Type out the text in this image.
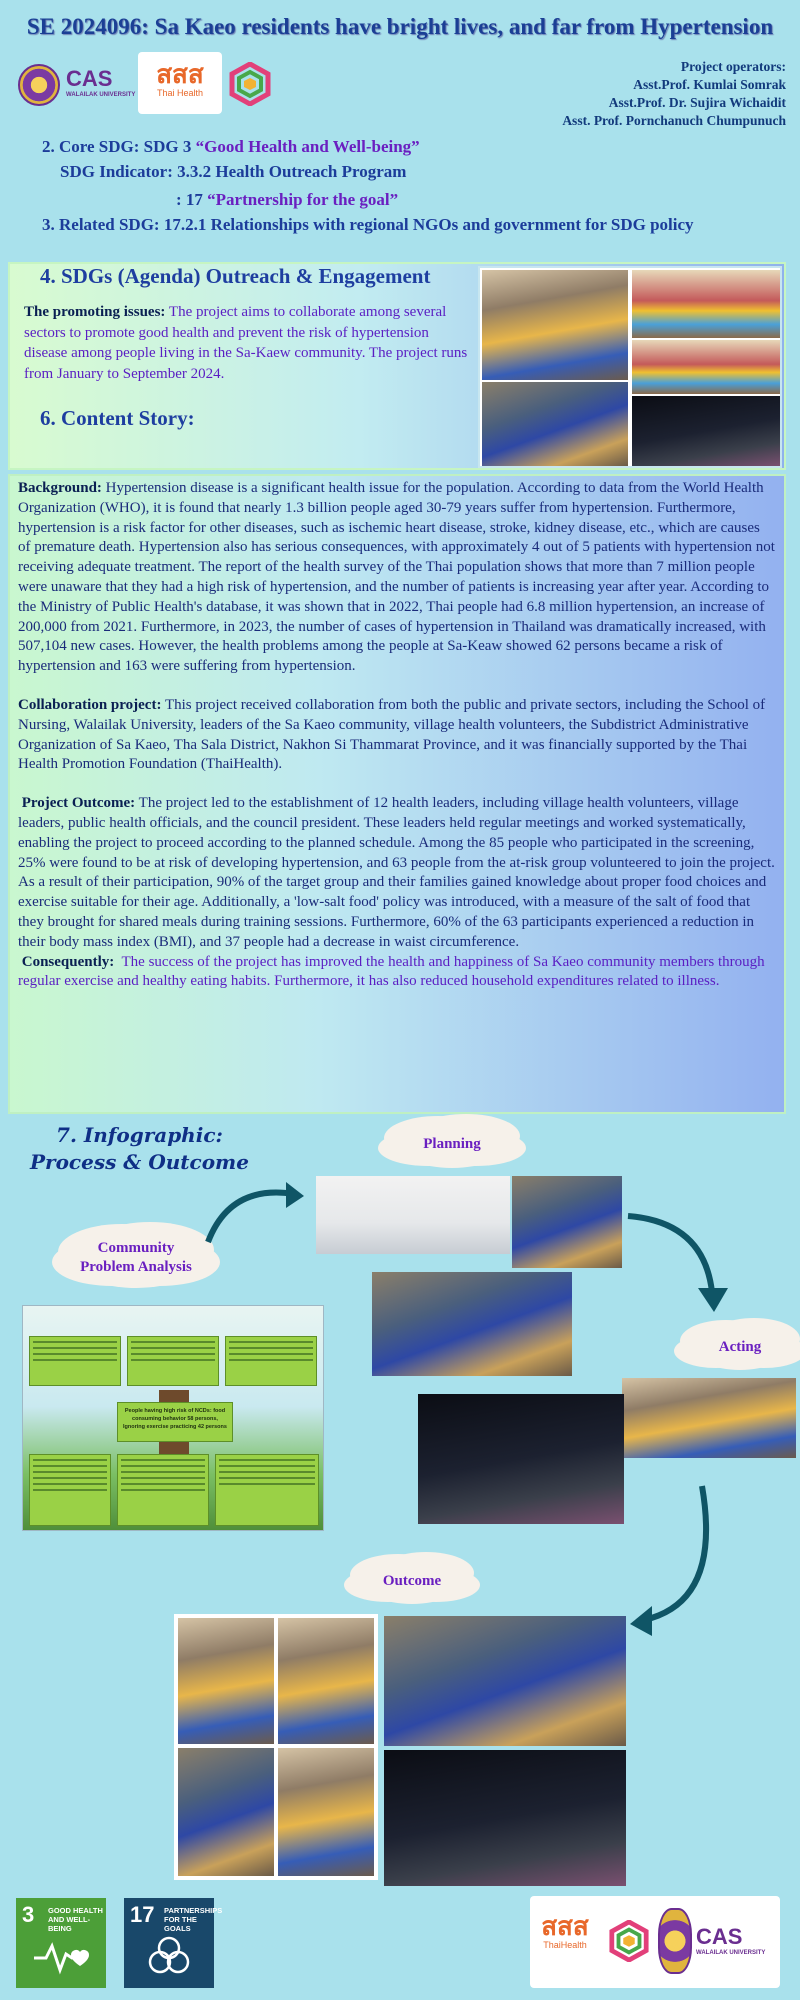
SE 2024096: Sa Kaeo residents have bright lives, and far from Hypertension
CAS
WALAILAK UNIVERSITY
สสส
Thai Health
Project operators:
Asst.Prof. Kumlai Somrak
Asst.Prof. Dr. Sujira Wichaidit
Asst. Prof. Pornchanuch Chumpunuch
2. Core SDG: SDG 3 “Good Health and Well-being”
SDG Indicator: 3.3.2 Health Outreach Program
: 17 “Partnership for the goal”
3. Related SDG: 17.2.1 Relationships with regional NGOs and government for SDG policy
4. SDGs (Agenda) Outreach & Engagement
The promoting issues: The project aims to collaborate among several sectors to promote good health and prevent the risk of hypertension disease among people living in the Sa-Kaew community. The project runs from January to September 2024.
6. Content Story:

Background: Hypertension disease is a significant health issue for the population. According to data from the World Health Organization (WHO), it is found that nearly 1.3 billion people aged 30-79 years suffer from hypertension. Furthermore, hypertension is a risk factor for other diseases, such as ischemic heart disease, stroke, kidney disease, etc., which are causes of premature death. Hypertension also has serious consequences, with approximately 4 out of 5 patients with hypertension not receiving adequate treatment. The report of the health survey of the Thai population shows that more than 7 million people were unaware that they had a high risk of hypertension, and the number of patients is increasing year after year. According to the Ministry of Public Health's database, it was shown that in 2022, Thai people had 6.8 million hypertension, an increase of 200,000 from 2021. Furthermore, in 2023, the number of cases of hypertension in Thailand was dramatically increased, with 507,104 new cases. However, the health problems among the people at Sa-Keaw showed 62 persons became a risk of hypertension and 163 were suffering from hypertension.

Collaboration project: This project received collaboration from both the public and private sectors, including the School of Nursing, Walailak University, leaders of the Sa Kaeo community, village health volunteers, the Subdistrict Administrative Organization of Sa Kaeo, Tha Sala District, Nakhon Si Thammarat Province, and it was financially supported by the Thai Health Promotion Foundation (ThaiHealth).

Project Outcome: The project led to the establishment of 12 health leaders, including village health volunteers, village leaders, public health officials, and the council president. These leaders held regular meetings and worked systematically, enabling the project to proceed according to the planned schedule. Among the 85 people who participated in the screening, 25% were found to be at risk of developing hypertension, and 63 people from the at-risk group volunteered to join the project. As a result of their participation, 90% of the target group and their families gained knowledge about proper food choices and exercise suitable for their age. Additionally, a 'low-salt food' policy was introduced, with a measure of the salt of food that they brought for shared meals during training sessions. Furthermore, 60% of the 63 participants experienced a reduction in their body mass index (BMI), and 37 people had a decrease in waist circumference.

Consequently: The success of the project has improved the health and happiness of Sa Kaeo community members through regular exercise and healthy eating habits. Furthermore, it has also reduced household expenditures related to illness.

7. Infographic:
Process & Outcome
Planning
Community Problem Analysis
Acting
Outcome
People having high risk of NCDs: food consuming behavior 58 persons, Ignoring exercise practicing 42 persons
3 GOOD HEALTH AND WELL-BEING
17 PARTNERSHIPS FOR THE GOALS	สสส
ThaiHealth	CAS
WALAILAK UNIVERSITY
